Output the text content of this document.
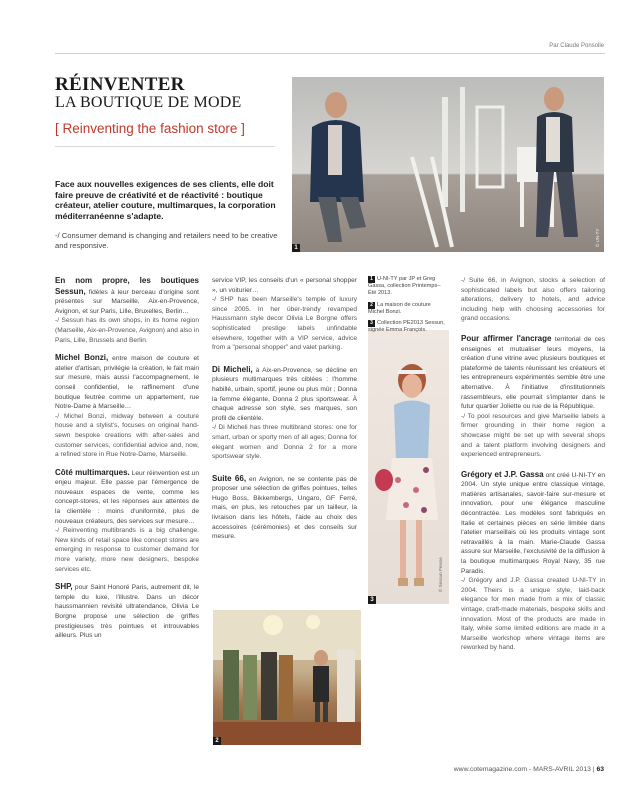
Par Claude Ponsolle
RÉINVENTER
LA BOUTIQUE DE MODE
[ Reinventing the fashion store ]
Face aux nouvelles exigences de ses clients, elle doit faire preuve de créativité et de réactivité : boutique créateur, atelier couture, multimarques, la corporation méditerranéenne s'adapte.
-/ Consumer demand is changing and retailers need to be creative and responsive.	1
© UN-TY
© Sessun Presse
3
2

En nom propre, les boutiques Sessun, fidèles à leur berceau d'origine sont présentes sur Marseille, Aix-en-Provence, Avignon, et sur Paris, Lille, Bruxelles, Berlin…

-/ Sessun has its own shops, in its home region (Marseille, Aix-en-Provence, Avignon) and also in Paris, Lille, Brussels and Berlin.

Michel Bonzi, entre maison de couture et atelier d'artisan, privilégie la création, le fait main sur mesure, mais aussi l'accompagnement, le conseil confidentiel, le raffinement d'une boutique feutrée comme un appartement, rue Notre-Dame à Marseille…

-/ Michel Bonzi, midway between a couture house and a stylist's, focuses on original hand-sewn bespoke creations with after-sales and customer services, confidential advice and, now, a refined store in Rue Notre-Dame, Marseille.

Côté multimarques. Leur réinvention est un enjeu majeur. Elle passe par l'émergence de nouveaux espaces de vente, comme les concept-stores, et les réponses aux attentes de la clientèle : moins d'uniformité, plus de nouveaux créateurs, des services sur mesure…

-/ Reinventing multibrands is a big challenge. New kinds of retail space like concept stores are emerging in response to customer demand for more variety, more new designers, bespoke services etc.

SHP, pour Saint Honoré Paris, autrement dit, le temple du luxe, l'illustre. Dans un décor haussmannien revisité ultratendance, Olivia Le Borgne propose une sélection de griffes prestigieuses très pointues et introuvables ailleurs. Plus un

service VIP, les conseils d'un « personal shopper », un voiturier…

-/ SHP has been Marseille's temple of luxury since 2005. In her über-trendy revamped Haussmann style decor Olivia Le Borgne offers sophisticated prestige labels unfindable elsewhere, together with a VIP service, advice from a "personal shopper" and valet parking.

Di Micheli, à Aix-en-Provence, se décline en plusieurs multimarques très ciblées : l'homme habillé, urbain, sportif, jeune ou plus mûr ; Donna la femme élégante, Donna 2 plus sportswear. À chaque adresse son style, ses marques, son profil de clientèle.

-/ Di Micheli has three multibrand stores: one for smart, urban or sporty men of all ages; Donna for elegant women and Donna 2 for a more sportswear style.

Suite 66, en Avignon, ne se contente pas de proposer une sélection de griffes pointues, telles Hugo Boss, Bikkembergs, Ungaro, GF Ferré, mais, en plus, les retouches par un tailleur, la livraison dans les hôtels, l'aide au choix des accessoires (cérémonies) et des conseils sur mesure.

1 U-NI-TY par JP et Greg Gassa, collection Printemps–Été 2013.

2 La maison de couture Michel Bonzi.

3 Collection PE2013 Sessun, signée Emma François.

-/ Suite 66, in Avignon, stocks a selection of sophisticated labels but also offers tailoring alterations, delivery to hotels, and advice including help with choosing accessories for grand occasions.

Pour affirmer l'ancrage territorial de ces enseignes et mutualiser leurs moyens, la création d'une vitrine avec plusieurs boutiques et plateforme de talents réunissant les créateurs et les entrepreneurs expérimentés semble être une alternative. À l'initiative d'institutionnels rassembleurs, elle pourrait s'implanter dans le futur quartier Joliette ou rue de la République.

-/ To pool resources and give Marseille labels a firmer grounding in their home region a showcase might be set up with several shops and a talent platform involving designers and experienced entrepreneurs.

Grégory et J.P. Gassa ont créé U-NI-TY en 2004. Un style unique entre classique vintage, matières artisanales, savoir-faire sur-mesure et innovation, pour une élégance masculine décontractée. Les modèles sont fabriqués en Italie et certaines pièces en série limitée dans l'atelier marseillais où les produits vintage sont retravaillés à la main. Marie-Claude Gassa assure sur Marseille, l'exclusivité de la diffusion à la boutique multimarques Royal Navy, 35 rue Paradis.

-/ Grégory and J.P. Gassa created U-NI-TY in 2004. Theirs is a unique style, laid-back elegance for men made from a mix of classic vintage, craft-made materials, bespoke skills and innovation. Most of the products are made in Italy, while some limited editions are made in a Marseille workshop where vintage items are reworked by hand.

www.cotemagazine.com - MARS-AVRIL 2013 | 63
